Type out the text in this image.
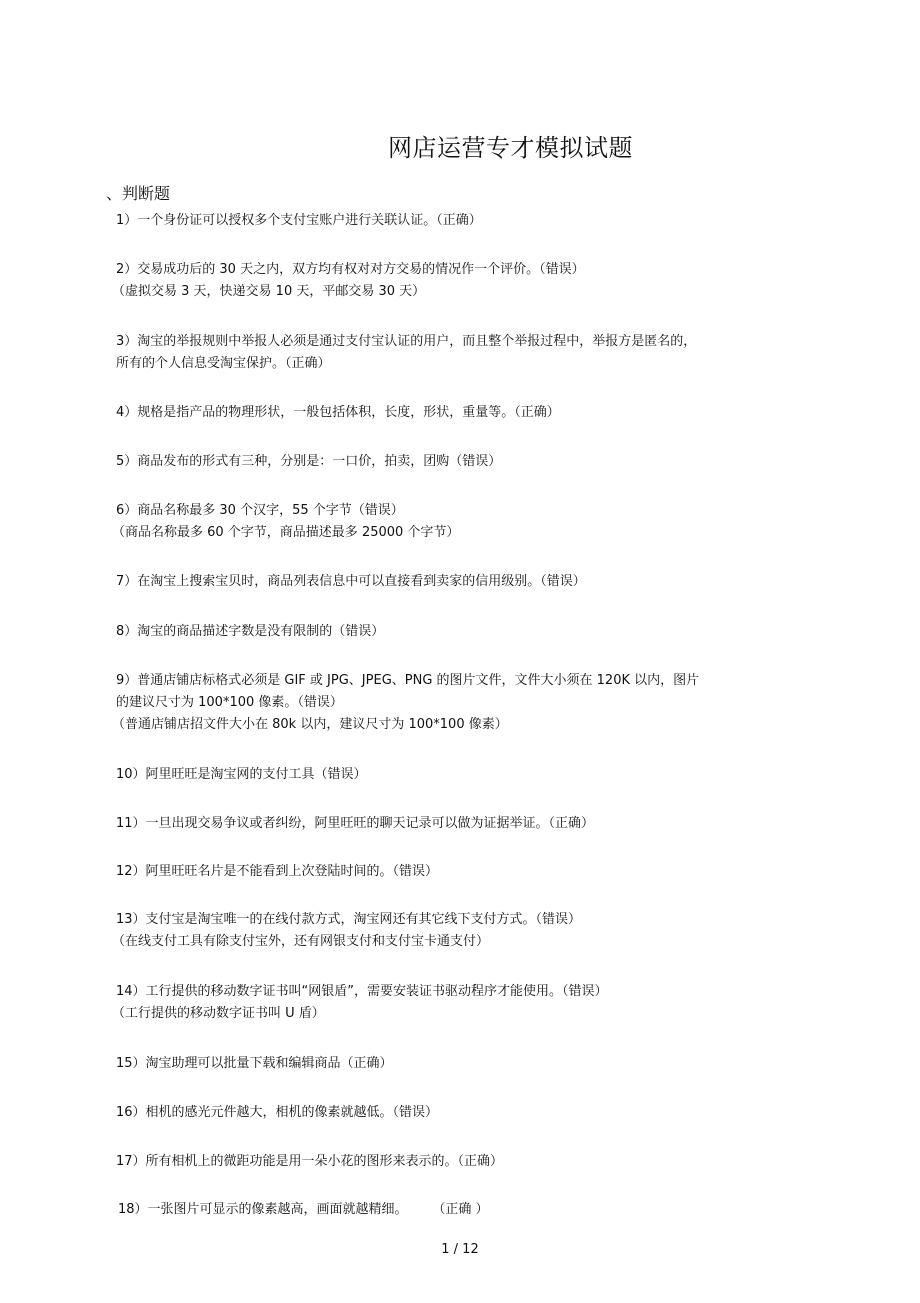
网店运营专才模拟试题
、判断题
1）一个身份证可以授权多个支付宝账户进行关联认证。（正确）
2）交易成功后的 30 天之内，双方均有权对对方交易的情况作一个评价。（错误）
（虚拟交易 3 天，快递交易 10 天，平邮交易 30 天）
3）淘宝的举报规则中举报人必须是通过支付宝认证的用户，而且整个举报过程中，举报方是匿名的，
所有的个人信息受淘宝保护。（正确）
4）规格是指产品的物理形状，一般包括体积，长度，形状，重量等。（正确）
5）商品发布的形式有三种，分别是：一口价，拍卖，团购（错误）
6）商品名称最多 30 个汉字，55 个字节（错误）
（商品名称最多 60 个字节，商品描述最多 25000 个字节）
7）在淘宝上搜索宝贝时，商品列表信息中可以直接看到卖家的信用级别。（错误）
8）淘宝的商品描述字数是没有限制的（错误）
9）普通店铺店标格式必须是 GIF 或 JPG、JPEG、PNG 的图片文件，文件大小须在 120K 以内，图片
的建议尺寸为 100*100 像素。（错误）
（普通店铺店招文件大小在 80k 以内，建议尺寸为 100*100 像素）
10）阿里旺旺是淘宝网的支付工具（错误）
11）一旦出现交易争议或者纠纷，阿里旺旺的聊天记录可以做为证据举证。（正确）
12）阿里旺旺名片是不能看到上次登陆时间的。（错误）
13）支付宝是淘宝唯一的在线付款方式，淘宝网还有其它线下支付方式。（错误）
（在线支付工具有除支付宝外，还有网银支付和支付宝卡通支付）
14）工行提供的移动数字证书叫“网银盾”，需要安装证书驱动程序才能使用。（错误）
（工行提供的移动数字证书叫 U 盾）
15）淘宝助理可以批量下载和编辑商品（正确）
16）相机的感光元件越大，相机的像素就越低。（错误）
17）所有相机上的微距功能是用一朵小花的图形来表示的。（正确）
18）一张图片可显示的像素越高，画面就越精细。      （正确 ）
1 / 12
